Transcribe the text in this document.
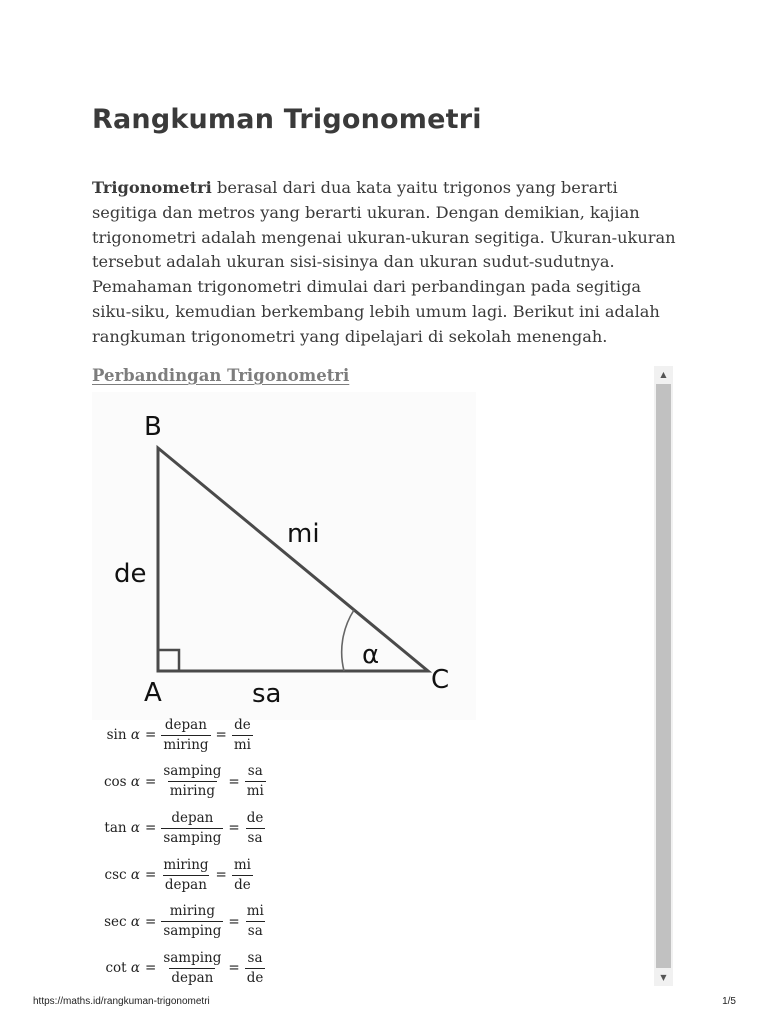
Rangkuman Trigonometri

Trigonometri berasal dari dua kata yaitu trigonos yang berarti segitiga dan metros yang berarti ukuran. Dengan demikian, kajian trigonometri adalah mengenai ukuran-ukuran segitiga. Ukuran-ukuran tersebut adalah ukuran sisi-sisinya dan ukuran sudut-sudutnya. Pemahaman trigonometri dimulai dari perbandingan pada segitiga siku-siku, kemudian berkembang lebih umum lagi. Berikut ini adalah rangkuman trigonometri yang dipelajari di sekolah menengah.

Perbandingan Trigonometri
B
A	C
de
mi
sa
α
$\sin \alpha = \frac{\text{depan}}{\text{miring}} = \frac{de}{mi}$
$\cos \alpha = \frac{\text{samping}}{\text{miring}} = \frac{sa}{mi}$
$\tan \alpha = \frac{\text{depan}}{\text{samping}} = \frac{de}{sa}$
$\csc \alpha = \frac{\text{miring}}{\text{depan}} = \frac{mi}{de}$
$\sec \alpha = \frac{\text{miring}}{\text{samping}} = \frac{mi}{sa}$
$\cot \alpha = \frac{\text{samping}}{\text{depan}} = \frac{sa}{de}$
▲
▼
https://maths.id/rangkuman-trigonometri	1/5
